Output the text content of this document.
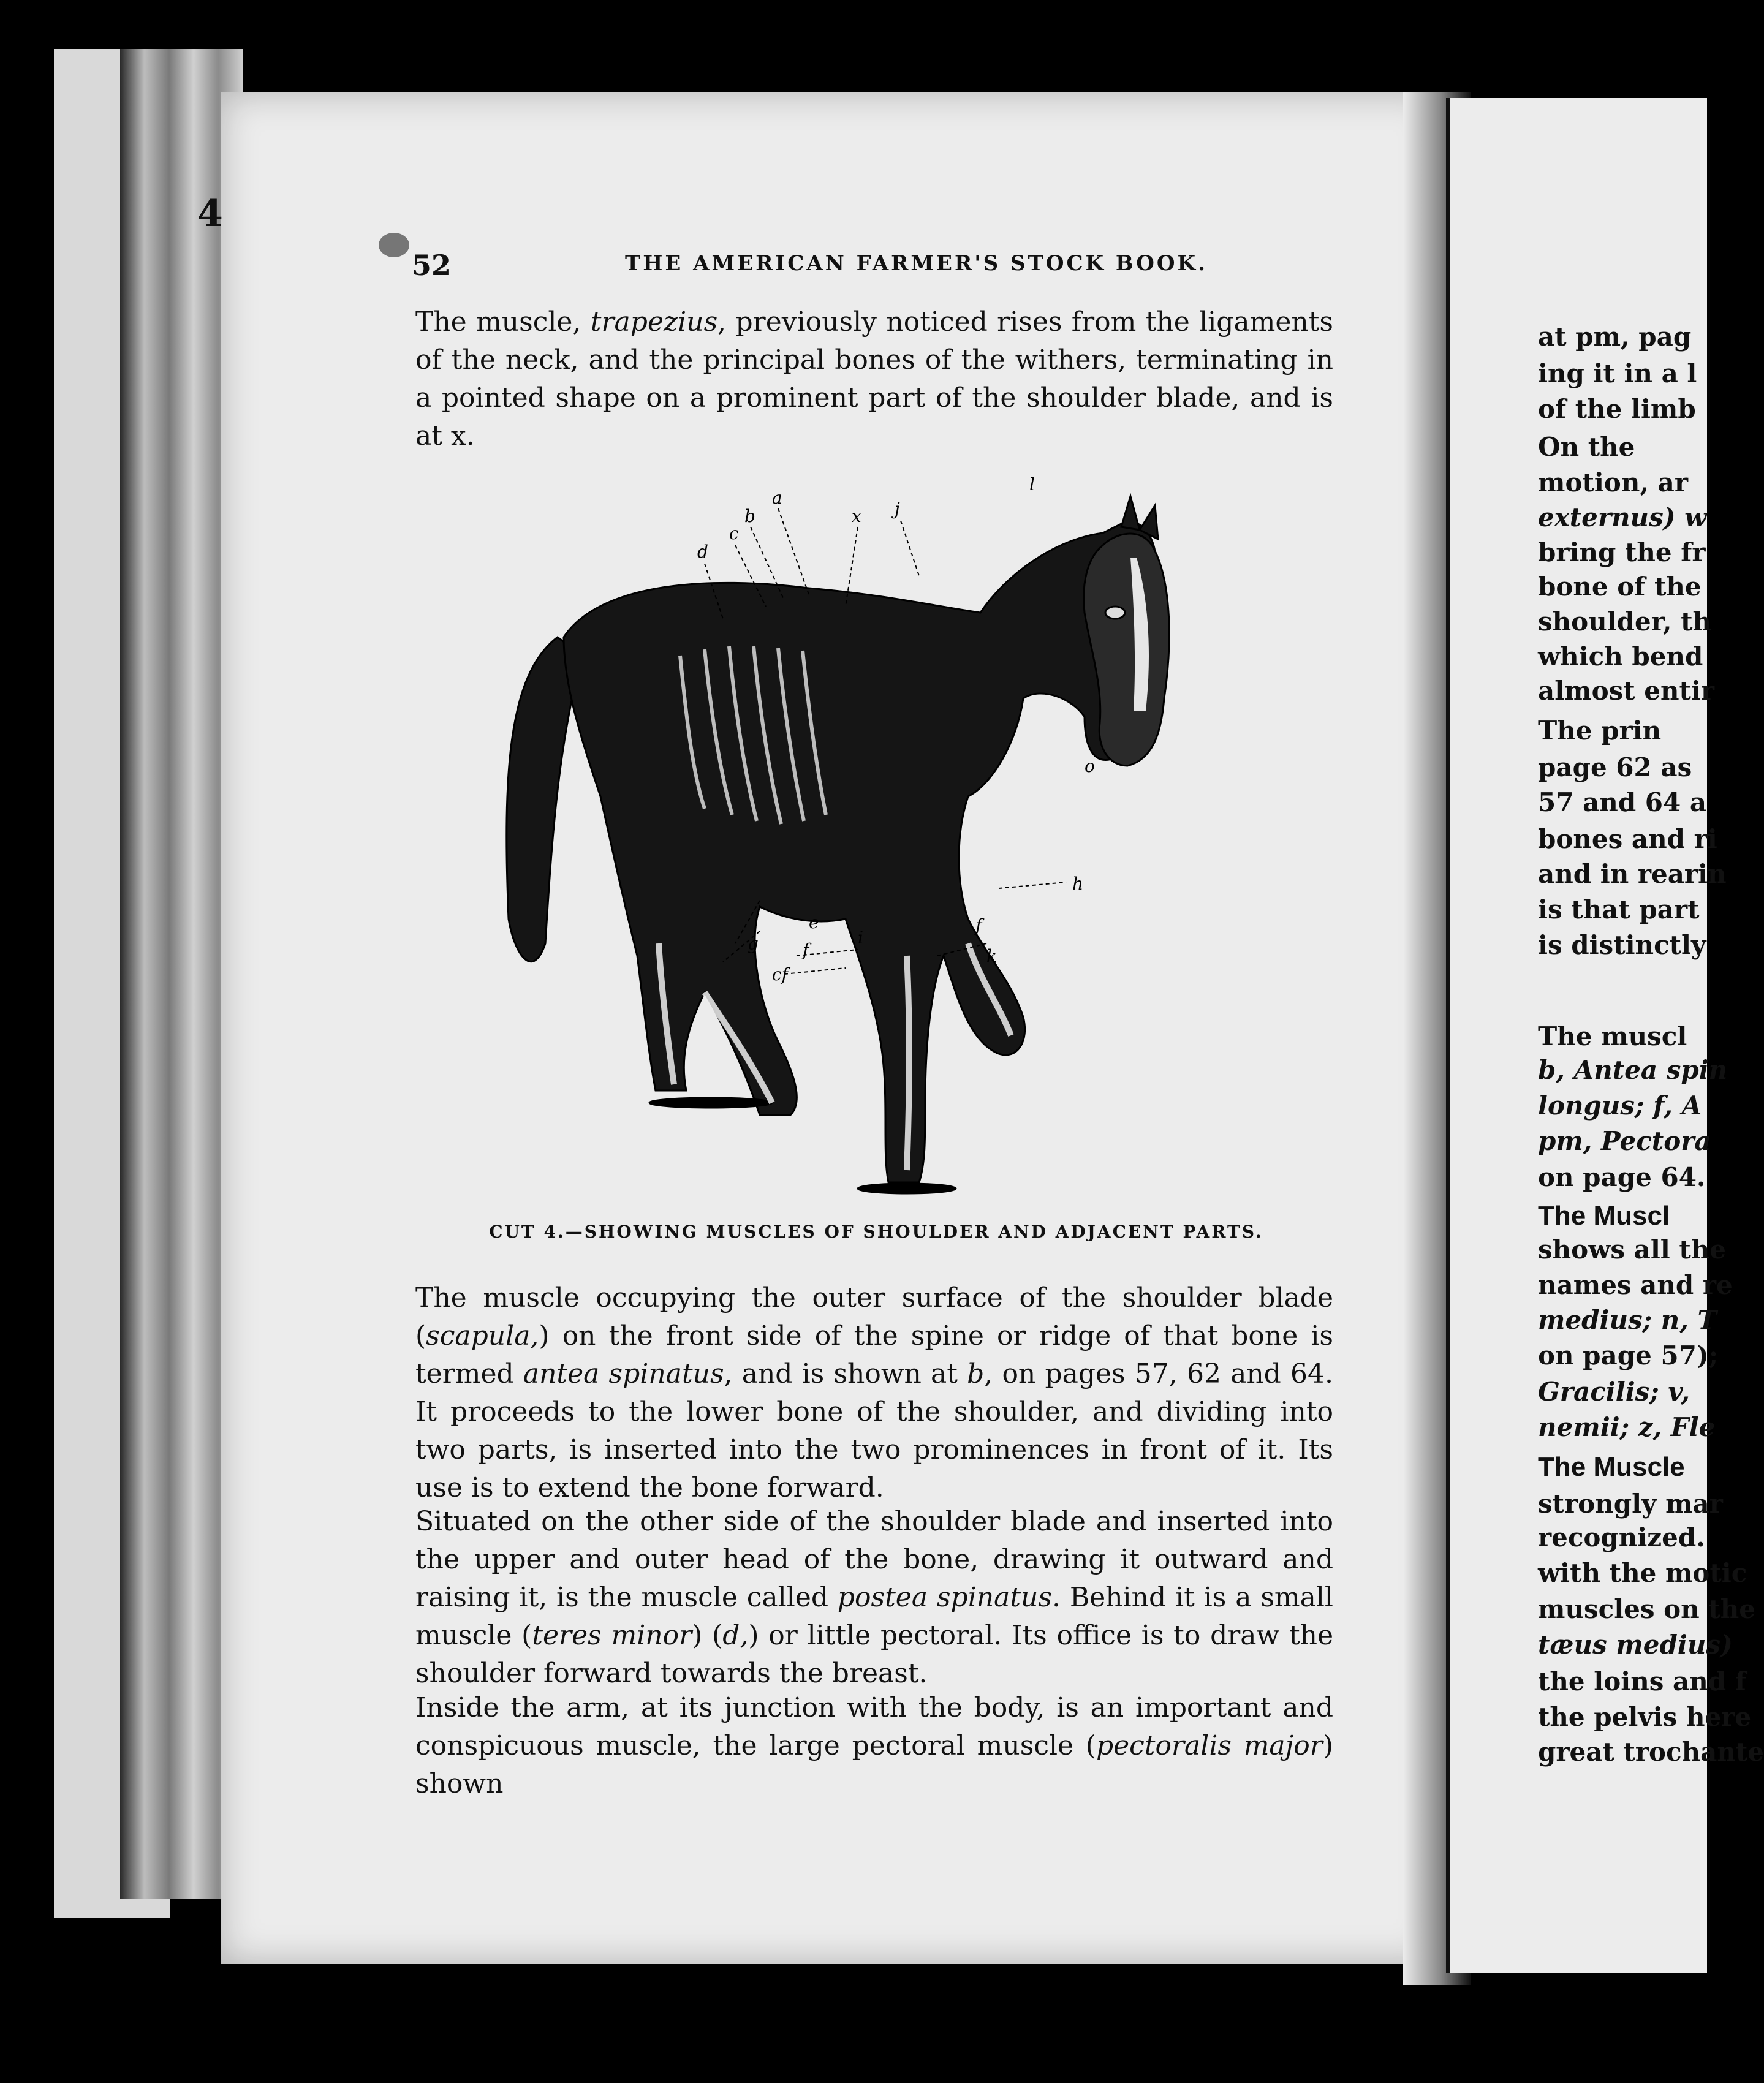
4
52	THE AMERICAN FARMER'S STOCK BOOK.

The muscle, trapezius, previously noticed rises from the ligaments of the neck, and the principal bones of the withers, terminating in a pointed shape on a prominent part of the shoulder blade, and is at x.

a
b
c
d
x j
l
h
g
e
f
i
k
f
cf
o
CUT 4.—SHOWING MUSCLES OF SHOULDER AND ADJACENT PARTS.

The muscle occupying the outer surface of the shoulder blade (scapula,) on the front side of the spine or ridge of that bone is termed antea spinatus, and is shown at b, on pages 57, 62 and 64. It proceeds to the lower bone of the shoulder, and dividing into two parts, is inserted into the two prominences in front of it. Its use is to extend the bone forward.

Situated on the other side of the shoulder blade and inserted into the upper and outer head of the bone, drawing it outward and raising it, is the muscle called postea spinatus. Behind it is a small muscle (teres minor) (d,) or little pectoral. Its office is to draw the shoulder forward towards the breast.

Inside the arm, at its junction with the body, is an important and conspicuous muscle, the large pectoral muscle (pectoralis major) shown

at pm, pag
ing it in a l
of the limb
On the
motion, ar
externus) w
bring the fr
bone of the
shoulder, th
which bend
almost entir
The prin
page 62 as
57 and 64 a
bones and ri
and in rearin
is that part
is distinctly
The muscl
b, Antea spin
longus; f, A
pm, Pectora
on page 64.
The Muscl
shows all the
names and re
medius; n, T
on page 57);
Gracilis; v,
nemii; z, Fle
The Muscle
strongly mar
recognized.
with the motic
muscles on the
tæus medius)
the loins and f
the pelvis here
great trochante
